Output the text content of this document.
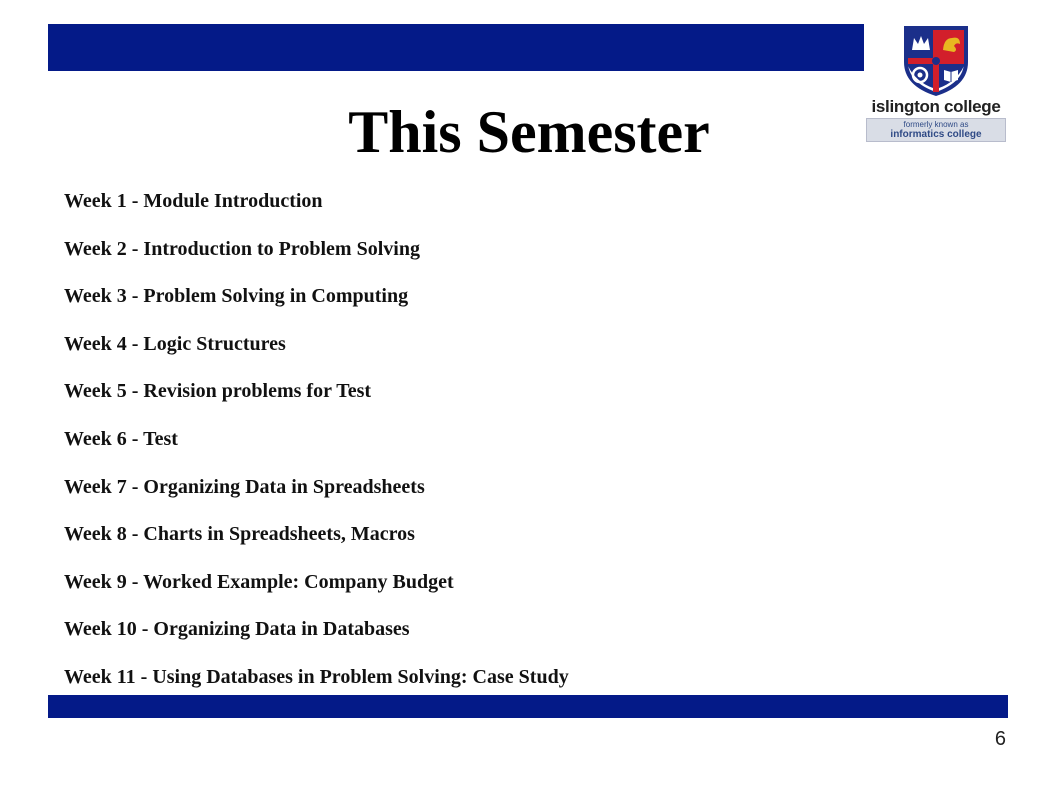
islington college
formerly known as
informatics college
This Semester
Week 1 - Module Introduction
Week 2 - Introduction to Problem Solving
Week 3 - Problem Solving in Computing
Week 4 - Logic Structures
Week 5 - Revision problems for Test
Week 6 - Test
Week 7 - Organizing Data in Spreadsheets
Week 8 - Charts in Spreadsheets, Macros
Week 9 - Worked Example: Company Budget
Week 10 - Organizing Data in Databases
Week 11 - Using Databases in Problem Solving: Case Study
6
